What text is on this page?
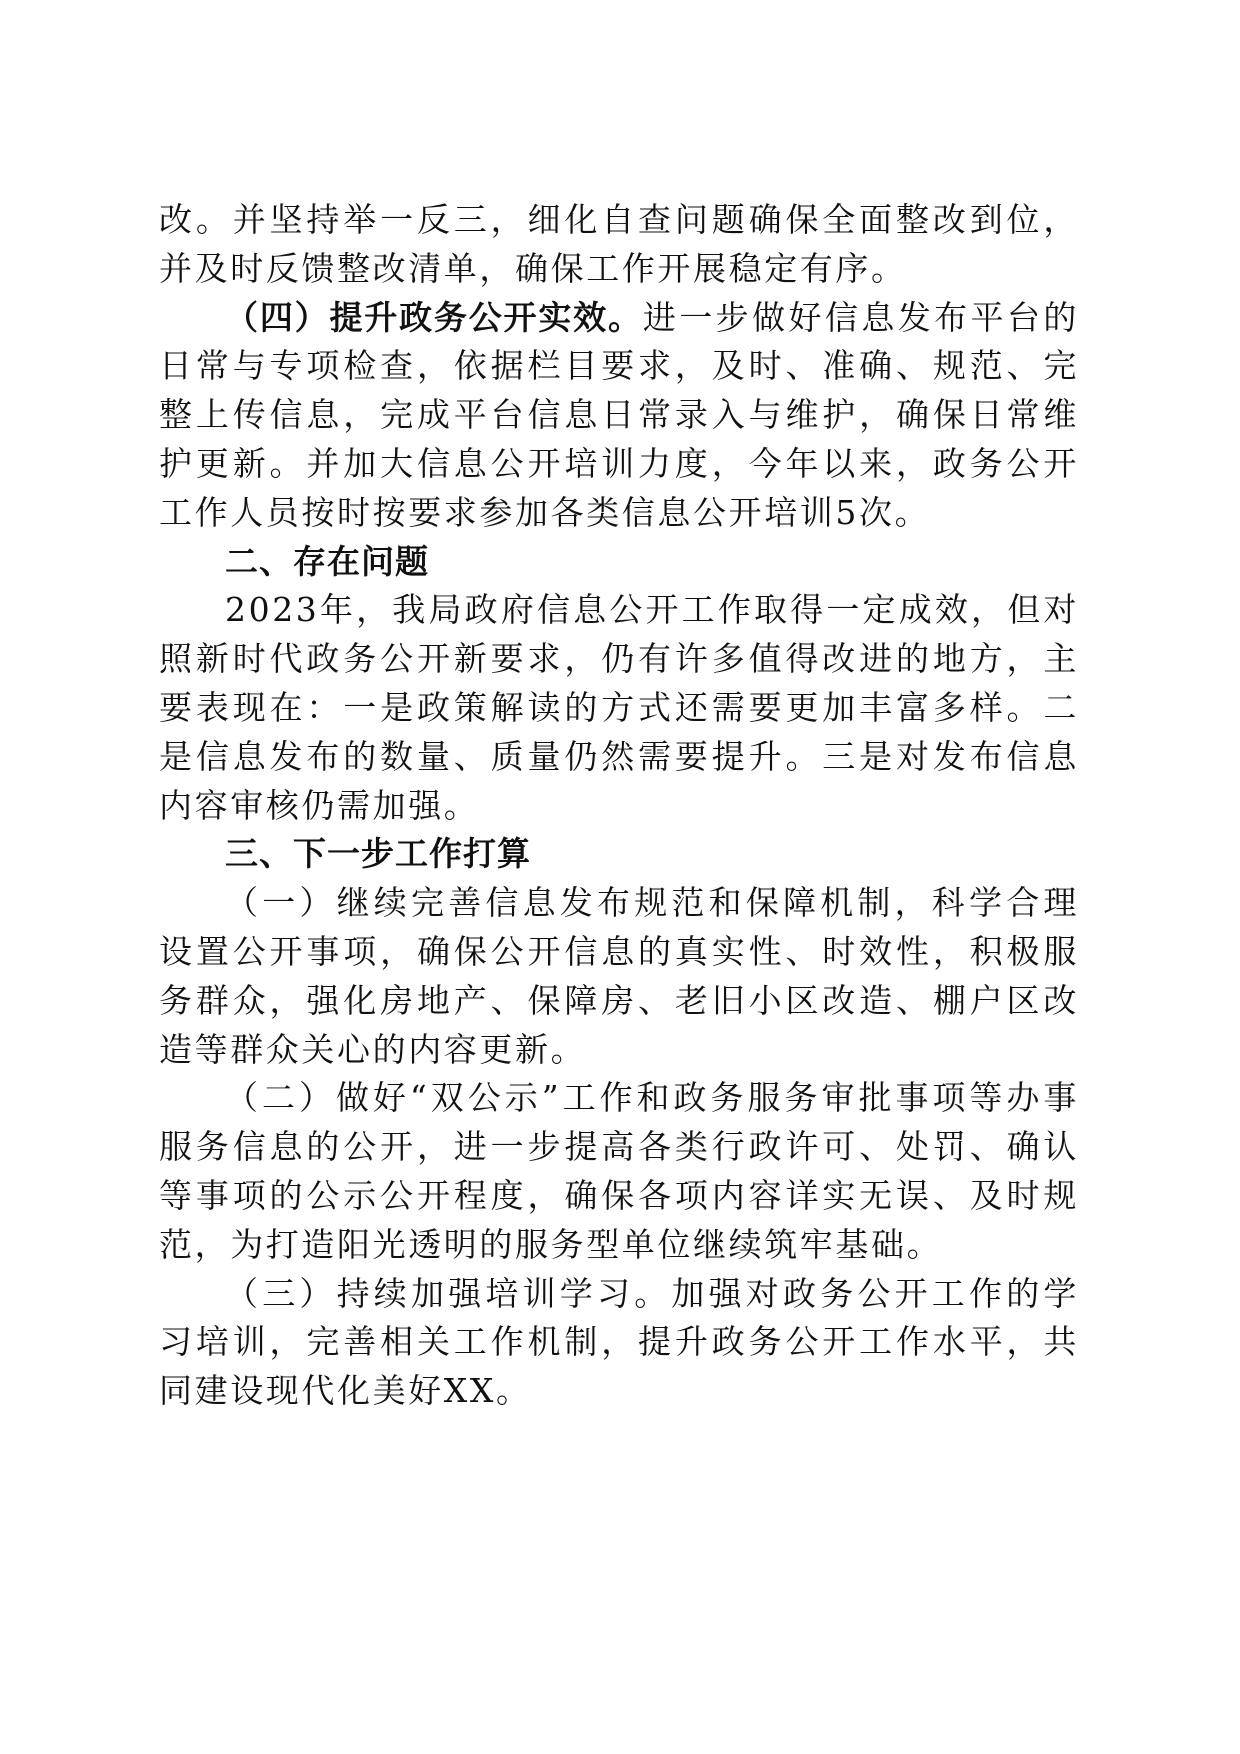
改。并坚持举一反三，细化自查问题确保全面整改到位，并及时反馈整改清单，确保工作开展稳定有序。

（四）提升政务公开实效。进一步做好信息发布平台的日常与专项检查，依据栏目要求，及时、准确、规范、完整上传信息，完成平台信息日常录入与维护，确保日常维护更新。并加大信息公开培训力度，今年以来，政务公开工作人员按时按要求参加各类信息公开培训5次。

二、存在问题

2023年，我局政府信息公开工作取得一定成效，但对照新时代政务公开新要求，仍有许多值得改进的地方，主要表现在：一是政策解读的方式还需要更加丰富多样。二是信息发布的数量、质量仍然需要提升。三是对发布信息内容审核仍需加强。

三、下一步工作打算

（一）继续完善信息发布规范和保障机制，科学合理设置公开事项，确保公开信息的真实性、时效性，积极服务群众，强化房地产、保障房、老旧小区改造、棚户区改造等群众关心的内容更新。

（二）做好“双公示”工作和政务服务审批事项等办事服务信息的公开，进一步提高各类行政许可、处罚、确认等事项的公示公开程度，确保各项内容详实无误、及时规范，为打造阳光透明的服务型单位继续筑牢基础。

（三）持续加强培训学习。加强对政务公开工作的学习培训，完善相关工作机制，提升政务公开工作水平，共同建设现代化美好XX。
